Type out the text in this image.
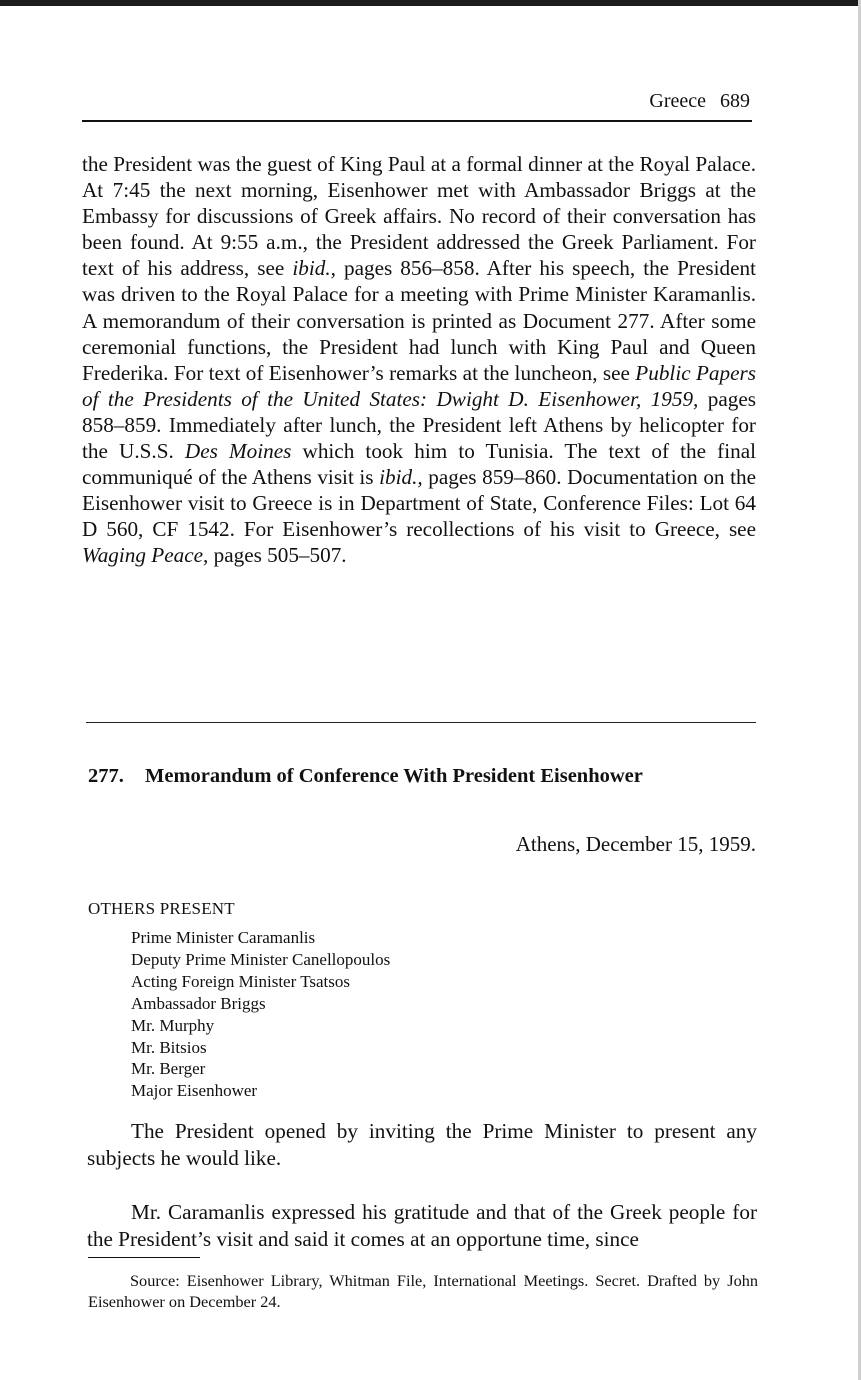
Greece 689

the President was the guest of King Paul at a formal dinner at the Royal Palace. At 7:45 the next morning, Eisenhower met with Ambassador Briggs at the Embassy for discussions of Greek affairs. No record of their conversation has been found. At 9:55 a.m., the President addressed the Greek Parliament. For text of his address, see ibid., pages 856–858. After his speech, the President was driven to the Royal Palace for a meeting with Prime Minister Karamanlis. A memorandum of their conversation is printed as Document 277. After some ceremonial functions, the President had lunch with King Paul and Queen Frederika. For text of Eisenhower’s remarks at the luncheon, see Public Papers of the Presidents of the United States: Dwight D. Eisenhower, 1959, pages 858–859. Immediately after lunch, the President left Athens by helicopter for the U.S.S. Des Moines which took him to Tunisia. The text of the final communiqué of the Athens visit is ibid., pages 859–860. Documentation on the Eisenhower visit to Greece is in Department of State, Conference Files: Lot 64 D 560, CF 1542. For Eisenhower’s recollections of his visit to Greece, see Waging Peace, pages 505–507.

277. Memorandum of Conference With President Eisenhower
Athens, December 15, 1959.
OTHERS PRESENT
Prime Minister Caramanlis
Deputy Prime Minister Canellopoulos
Acting Foreign Minister Tsatsos
Ambassador Briggs
Mr. Murphy
Mr. Bitsios
Mr. Berger
Major Eisenhower

The President opened by inviting the Prime Minister to present any subjects he would like.

Mr. Caramanlis expressed his gratitude and that of the Greek people for the President’s visit and said it comes at an opportune time, since

Source: Eisenhower Library, Whitman File, International Meetings. Secret. Drafted by John Eisenhower on December 24.
